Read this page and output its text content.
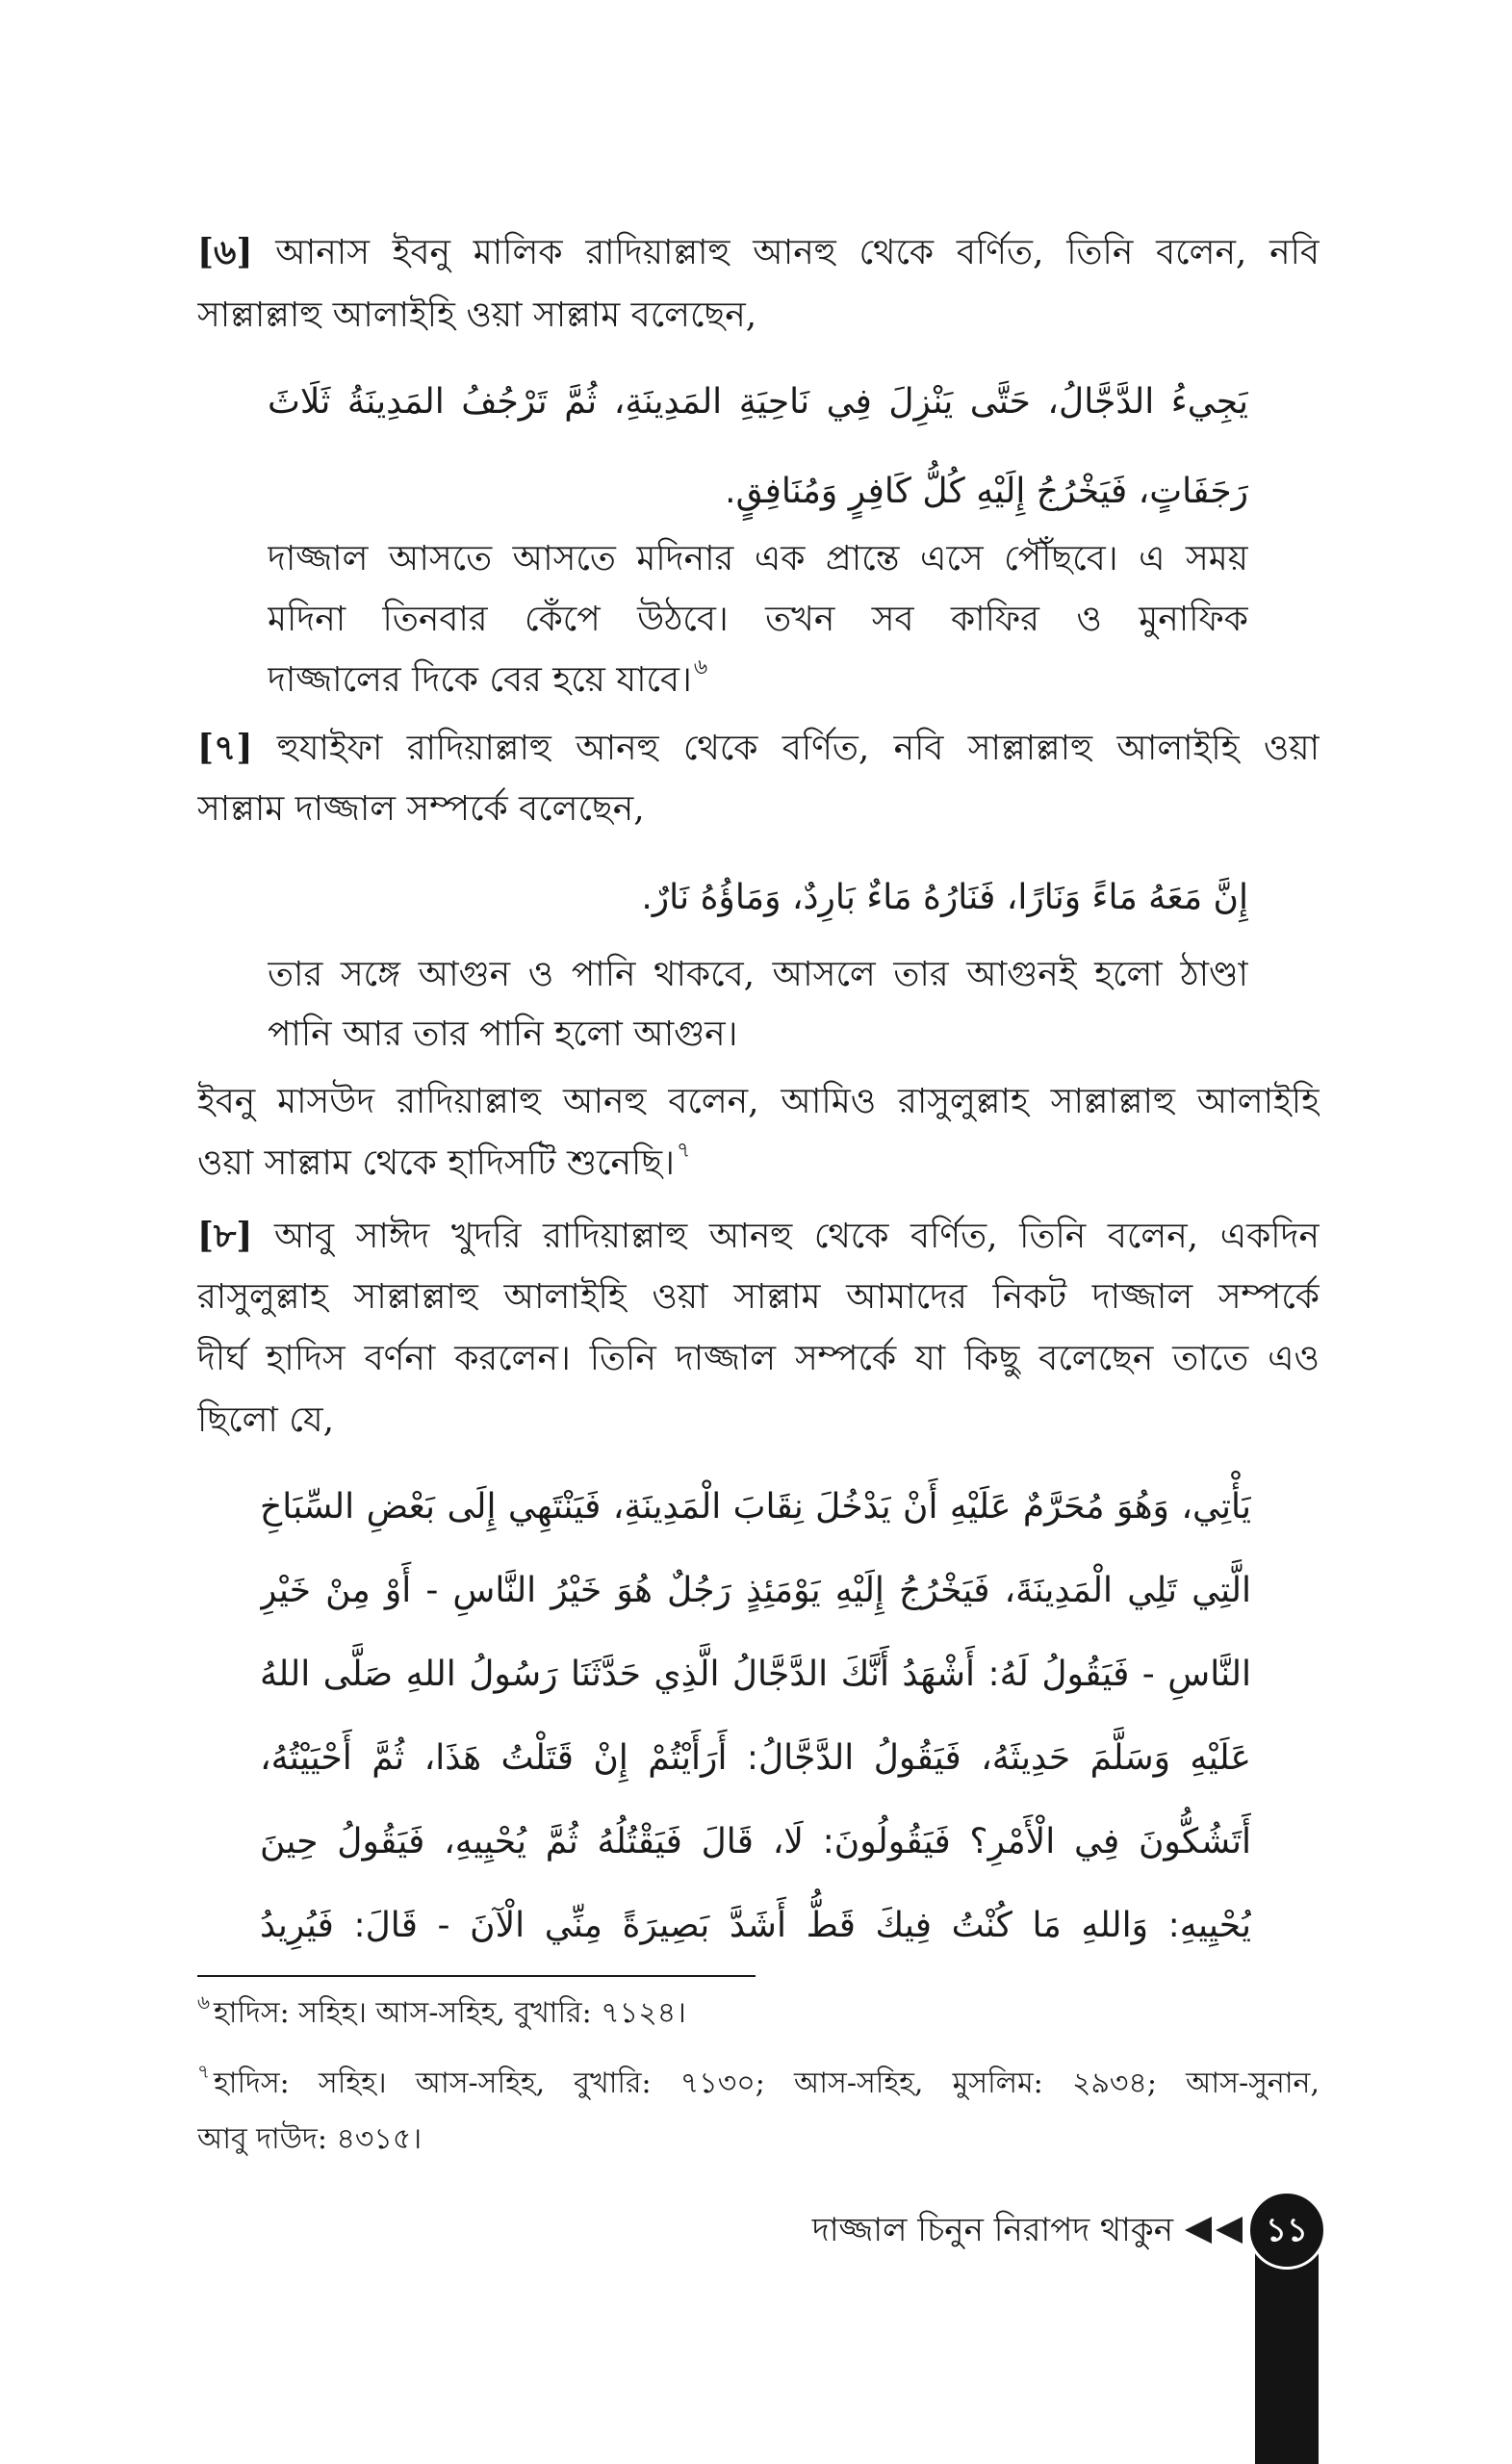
[৬] আনাস ইবনু মালিক রাদিয়াল্লাহু আনহু থেকে বর্ণিত, তিনি বলেন, নবি
সাল্লাল্লাহু আলাইহি ওয়া সাল্লাম বলেছেন,
يَجِيءُ الدَّجَّالُ، حَتَّى يَنْزِلَ فِي نَاحِيَةِ المَدِينَةِ، ثُمَّ تَرْجُفُ المَدِينَةُ ثَلَاثَ
رَجَفَاتٍ، فَيَخْرُجُ إِلَيْهِ كُلُّ كَافِرٍ وَمُنَافِقٍ.
দাজ্জাল আসতে আসতে মদিনার এক প্রান্তে এসে পৌঁছবে। এ সময়
মদিনা তিনবার কেঁপে উঠবে। তখন সব কাফির ও মুনাফিক
দাজ্জালের দিকে বের হয়ে যাবে।$^৬$
[৭] হুযাইফা রাদিয়াল্লাহু আনহু থেকে বর্ণিত, নবি সাল্লাল্লাহু আলাইহি ওয়া
সাল্লাম দাজ্জাল সম্পর্কে বলেছেন,
إِنَّ مَعَهُ مَاءً وَنَارًا، فَنَارُهُ مَاءٌ بَارِدٌ، وَمَاؤُهُ نَارٌ.
তার সঙ্গে আগুন ও পানি থাকবে, আসলে তার আগুনই হলো ঠাণ্ডা
পানি আর তার পানি হলো আগুন।
ইবনু মাসউদ রাদিয়াল্লাহু আনহু বলেন, আমিও রাসুলুল্লাহ সাল্লাল্লাহু আলাইহি
ওয়া সাল্লাম থেকে হাদিসটি শুনেছি।$^৭$
[৮] আবু সাঈদ খুদরি রাদিয়াল্লাহু আনহু থেকে বর্ণিত, তিনি বলেন, একদিন
রাসুলুল্লাহ সাল্লাল্লাহু আলাইহি ওয়া সাল্লাম আমাদের নিকট দাজ্জাল সম্পর্কে
দীর্ঘ হাদিস বর্ণনা করলেন। তিনি দাজ্জাল সম্পর্কে যা কিছু বলেছেন তাতে এও
ছিলো যে,
يَأْتِي، وَهُوَ مُحَرَّمٌ عَلَيْهِ أَنْ يَدْخُلَ نِقَابَ الْمَدِينَةِ، فَيَنْتَهِي إِلَى بَعْضِ السِّبَاخِ
الَّتِي تَلِي الْمَدِينَةَ، فَيَخْرُجُ إِلَيْهِ يَوْمَئِذٍ رَجُلٌ هُوَ خَيْرُ النَّاسِ - أَوْ مِنْ خَيْرِ
النَّاسِ - فَيَقُولُ لَهُ: أَشْهَدُ أَنَّكَ الدَّجَّالُ الَّذِي حَدَّثَنَا رَسُولُ اللهِ صَلَّى اللهُ
عَلَيْهِ وَسَلَّمَ حَدِيثَهُ، فَيَقُولُ الدَّجَّالُ: أَرَأَيْتُمْ إِنْ قَتَلْتُ هَذَا، ثُمَّ أَحْيَيْتُهُ،
أَتَشُكُّونَ فِي الْأَمْرِ؟ فَيَقُولُونَ: لَا، قَالَ فَيَقْتُلُهُ ثُمَّ يُحْيِيهِ، فَيَقُولُ حِينَ
يُحْيِيهِ: وَاللهِ مَا كُنْتُ فِيكَ قَطُّ أَشَدَّ بَصِيرَةً مِنِّي الْآنَ - قَالَ: فَيُرِيدُ
$^৬$ হাদিস: সহিহ। আস-সহিহ, বুখারি: ৭১২৪।
$^৭$ হাদিস: সহিহ। আস-সহিহ, বুখারি: ৭১৩০; আস-সহিহ, মুসলিম: ২৯৩৪; আস-সুনান,
আবু দাউদ: ৪৩১৫।
দাজ্জাল চিনুন নিরাপদ থাকুন	১১
